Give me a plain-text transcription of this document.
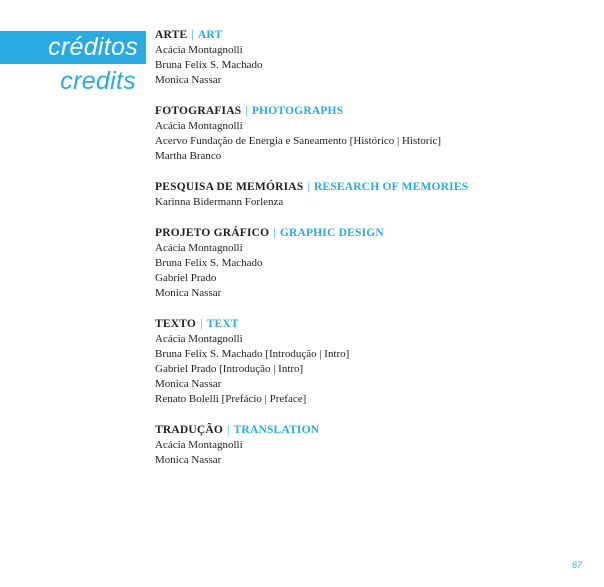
créditos
credits
ARTE | ART
Acácia Montagnolli
Bruna Felix S. Machado
Monica Nassar
FOTOGRAFIAS | PHOTOGRAPHS
Acácia Montagnolli
Acervo Fundação de Energia e Saneamento [Histórico | Historic]
Martha Branco
PESQUISA DE MEMÓRIAS | RESEARCH OF MEMORIES
Karinna Bidermann Forlenza
PROJETO GRÁFICO | GRAPHIC DESIGN
Acácia Montagnolli
Bruna Felix S. Machado
Gabriel Prado
Monica Nassar
TEXTO | TEXT
Acácia Montagnolli
Bruna Felix S. Machado [Introdução | Intro]
Gabriel Prado [Introdução | Intro]
Monica Nassar
Renato Bolelli [Prefácio | Preface]
TRADUÇÃO | TRANSLATION
Acácia Montagnolli
Monica Nassar
67
